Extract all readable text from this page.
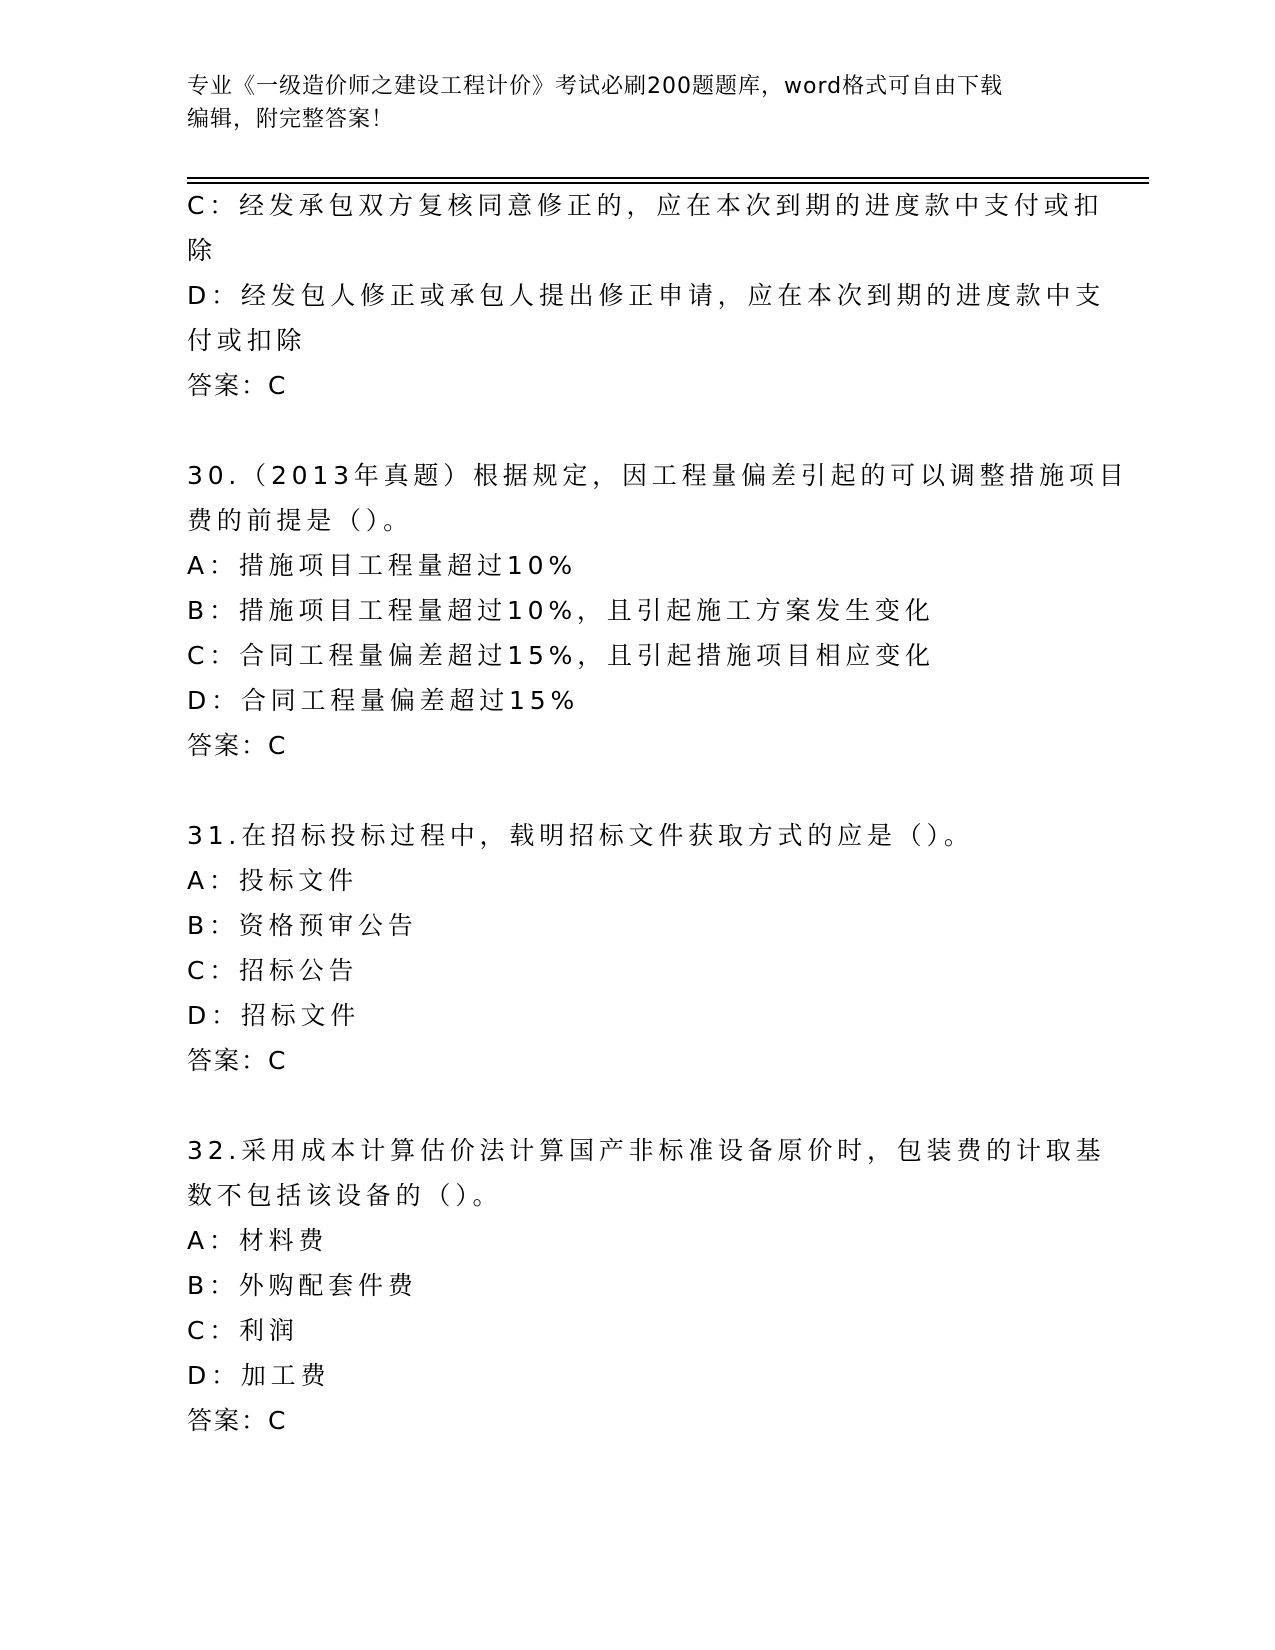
专业《一级造价师之建设工程计价》考试必刷200题题库，word格式可自由下载
编辑，附完整答案！
C：经发承包双方复核同意修正的，应在本次到期的进度款中支付或扣
除
D：经发包人修正或承包人提出修正申请，应在本次到期的进度款中支
付或扣除
答案：C
30.（2013年真题）根据规定，因工程量偏差引起的可以调整措施项目
费的前提是（）。
A：措施项目工程量超过10%
B：措施项目工程量超过10%，且引起施工方案发生变化
C：合同工程量偏差超过15%，且引起措施项目相应变化
D：合同工程量偏差超过15%
答案：C
31.在招标投标过程中，载明招标文件获取方式的应是（）。
A：投标文件
B：资格预审公告
C：招标公告
D：招标文件
答案：C
32.采用成本计算估价法计算国产非标准设备原价时，包装费的计取基
数不包括该设备的（）。
A：材料费
B：外购配套件费
C：利润
D：加工费
答案：C
